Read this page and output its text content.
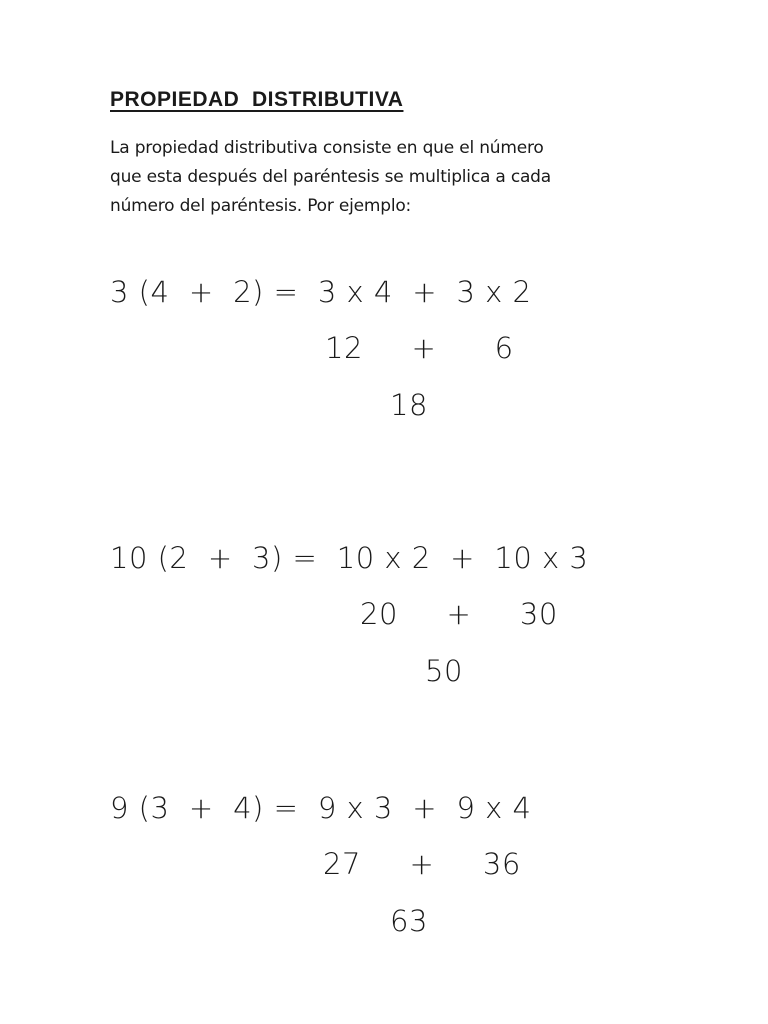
PROPIEDAD  DISTRIBUTIVA

La propiedad distributiva consiste en que el número
que esta después del paréntesis se multiplica a cada
número del paréntesis. Por ejemplo:

3 (4  +  2) =  3 x 4  +  3 x 2
12     +      6
18
10 (2  +  3) =  10 x 2  +  10 x 3
20     +     30
50
9 (3  +  4) =  9 x 3  +  9 x 4
27     +     36
63
